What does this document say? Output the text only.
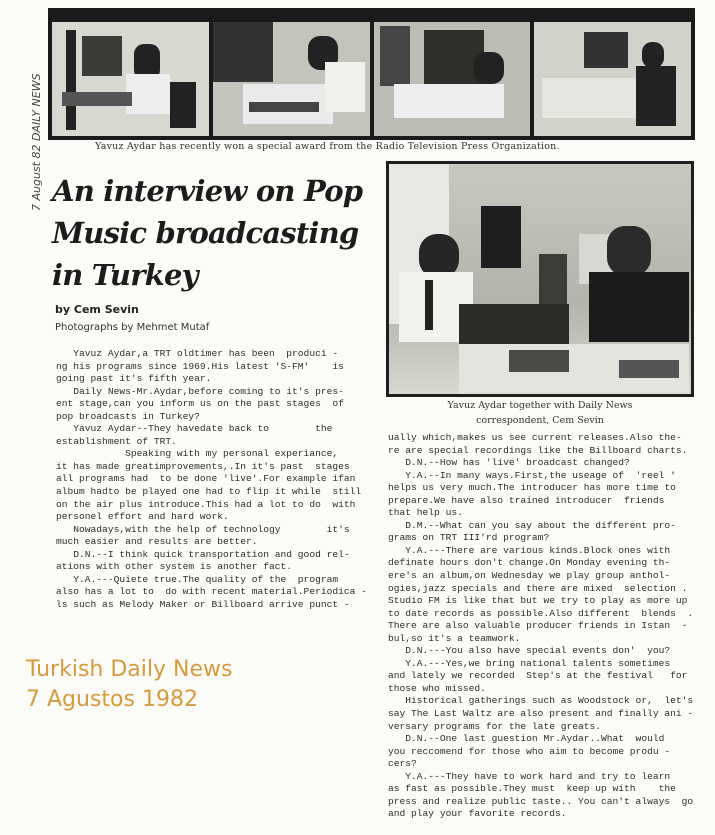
7 August 82 DAILY NEWS	Yavuz Aydar has recently won a special award from the Radio Television Press Organization.
An interview on Pop
Music broadcasting
in Turkey
by Cem Sevin
Photographs by Mehmet Mutaf
Yavuz Aydar together with Daily News
correspondent, Cem Sevin

Yavuz Aydar,a TRT oldtimer has been  produci -

ng his programs since 1969.His latest 'S-FM'    is

going past it's fifth year.

Daily News-Mr.Aydar,before coming to it's pres-

ent stage,can you inform us on the past stages  of

pop broadcasts in Turkey?

Yavuz Aydar--They havedate back to        the

establishment of TRT.

Speaking with my personal experiance,

it has made greatimprovements,.In it's past  stages

all programs had  to be done 'live'.For example ifan

album hadto be played one had to flip it while  still

on the air plus introduce.This had a lot to do  with

personel effort and hard work.

Nowadays,with the help of technology        it's

much easier and results are better.

D.N.--I think quick transportation and good rel-

ations with other system is another fact.

Y.A.---Quiete true.The quality of the  program

also has a lot to  do with recent material.Periodica -

ls such as Melody Maker or Billboard arrive punct -

ually which,makes us see current releases.Also the-

re are special recordings like the Billboard charts.

D.N.--How has 'live' broadcast changed?

Y.A.--In many ways.First,the useage of  'reel '

helps us very much.The introducer has more time to

prepare.We have also trained introducer  friends

that help us.

D.M.--What can you say about the different pro-

grams on TRT III'rd program?

Y.A.---There are various kinds.Block ones with

definate hours don't change.On Monday evening th-

ere's an album,on Wednesday we play group anthol-

ogies,jazz specials and there are mixed  selection .

Studio FM is like that but we try to play as more up

to date records as possible.Also different  blends  .

There are also valuable producer friends in Istan  -

bul,so it's a teamwork.

D.N.---You also have special events don'  you?

Y.A.---Yes,we bring national talents sometimes

and lately we recorded  Step's at the festival   for

those who missed.

Historical gatherings such as Woodstock or,  let's

say The Last Waltz are also present and finally ani -

versary programs for the late greats.

D.N.--One last guestion Mr.Aydar..What  would

you reccomend for those who aim to become produ -

cers?

Y.A.---They have to work hard and try to learn

as fast as possible.They must  keep up with    the

press and realize public taste.. You can't always  go

and play your favorite records.

Turkish Daily News
7 Agustos 1982
